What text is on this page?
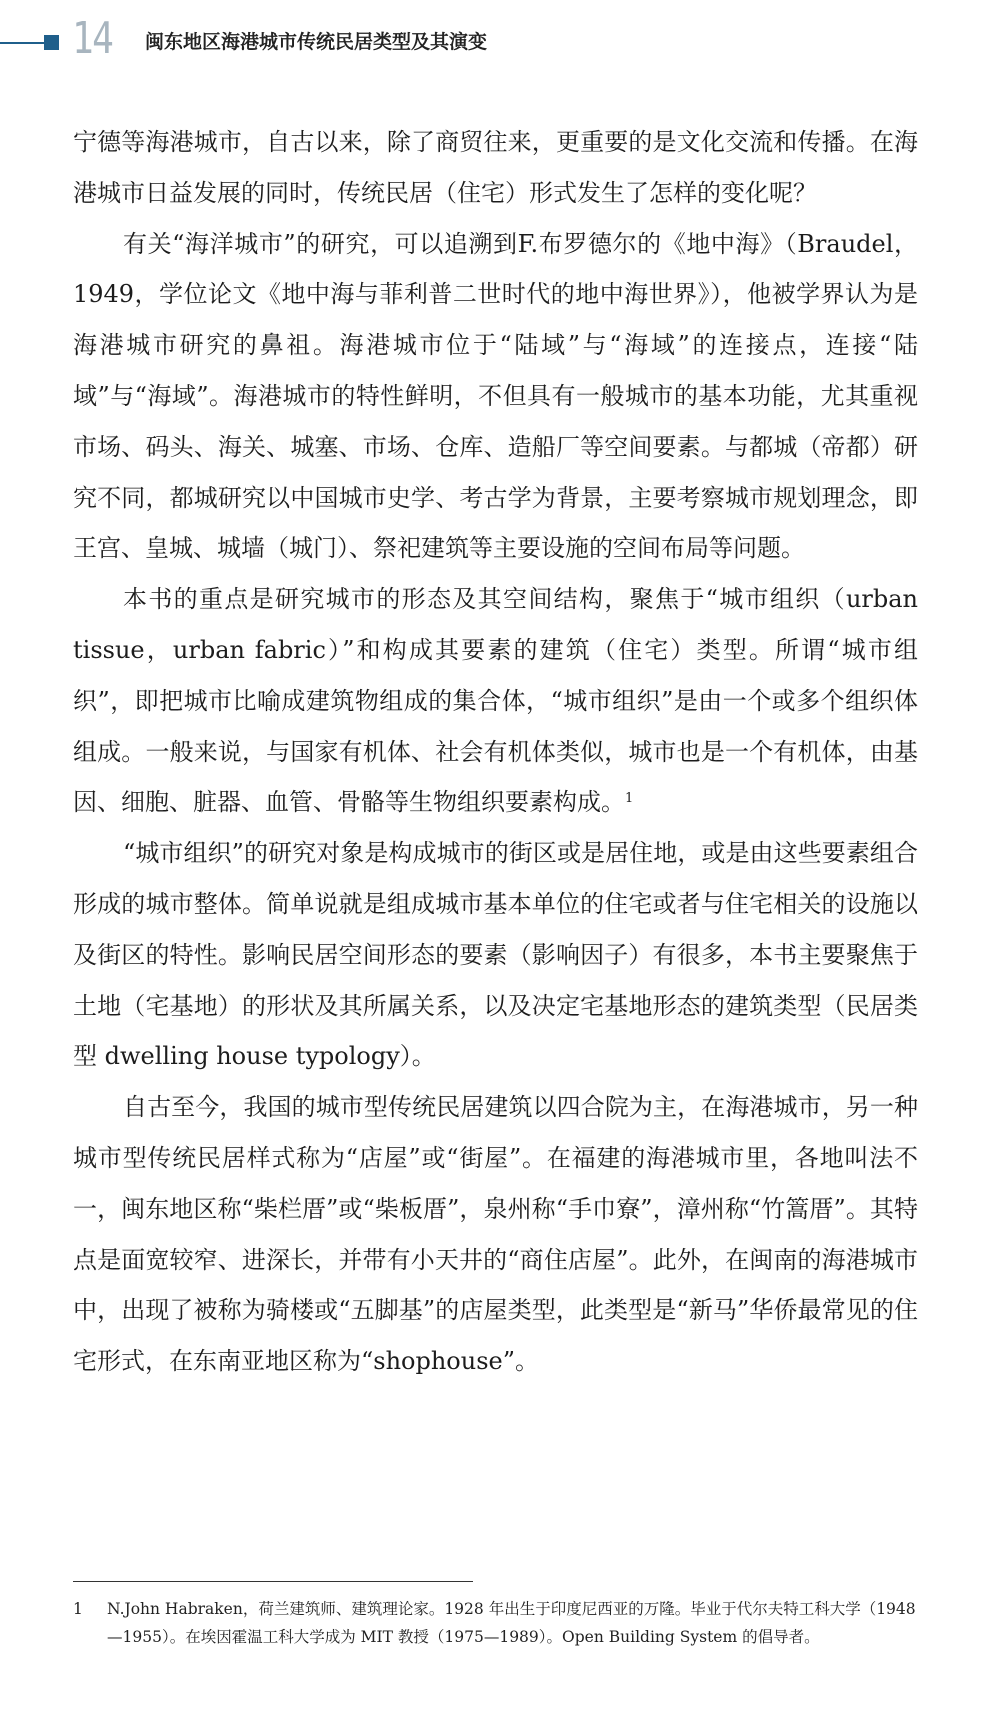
14 闽东地区海港城市传统民居类型及其演变

宁德等海港城市，自古以来，除了商贸往来，更重要的是文化交流和传播。在海港城市日益发展的同时，传统民居（住宅）形式发生了怎样的变化呢？

有关“海洋城市”的研究，可以追溯到F.布罗德尔的《地中海》（Braudel，1949，学位论文《地中海与菲利普二世时代的地中海世界》），他被学界认为是海港城市研究的鼻祖。海港城市位于“陆域”与“海域”的连接点，连接“陆域”与“海域”。海港城市的特性鲜明，不但具有一般城市的基本功能，尤其重视市场、码头、海关、城塞、市场、仓库、造船厂等空间要素。与都城（帝都）研究不同，都城研究以中国城市史学、考古学为背景，主要考察城市规划理念，即王宫、皇城、城墙（城门）、祭祀建筑等主要设施的空间布局等问题。

本书的重点是研究城市的形态及其空间结构，聚焦于“城市组织（urban tissue，urban fabric）”和构成其要素的建筑（住宅）类型。所谓“城市组织”，即把城市比喻成建筑物组成的集合体，“城市组织”是由一个或多个组织体组成。一般来说，与国家有机体、社会有机体类似，城市也是一个有机体，由基因、细胞、脏器、血管、骨骼等生物组织要素构成。$^1$

“城市组织”的研究对象是构成城市的街区或是居住地，或是由这些要素组合形成的城市整体。简单说就是组成城市基本单位的住宅或者与住宅相关的设施以及街区的特性。影响民居空间形态的要素（影响因子）有很多，本书主要聚焦于土地（宅基地）的形状及其所属关系，以及决定宅基地形态的建筑类型（民居类型 dwelling house typology）。

自古至今，我国的城市型传统民居建筑以四合院为主，在海港城市，另一种城市型传统民居样式称为“店屋”或“街屋”。在福建的海港城市里，各地叫法不一，闽东地区称“柴栏厝”或“柴板厝”，泉州称“手巾寮”，漳州称“竹篙厝”。其特点是面宽较窄、进深长，并带有小天井的“商住店屋”。此外，在闽南的海港城市中，出现了被称为骑楼或“五脚基”的店屋类型，此类型是“新马”华侨最常见的住宅形式，在东南亚地区称为“shophouse”。

1 N.John Habraken，荷兰建筑师、建筑理论家。1928 年出生于印度尼西亚的万隆。毕业于代尔夫特工科大学（1948—1955）。在埃因霍温工科大学成为 MIT 教授（1975—1989）。Open Building System 的倡导者。
